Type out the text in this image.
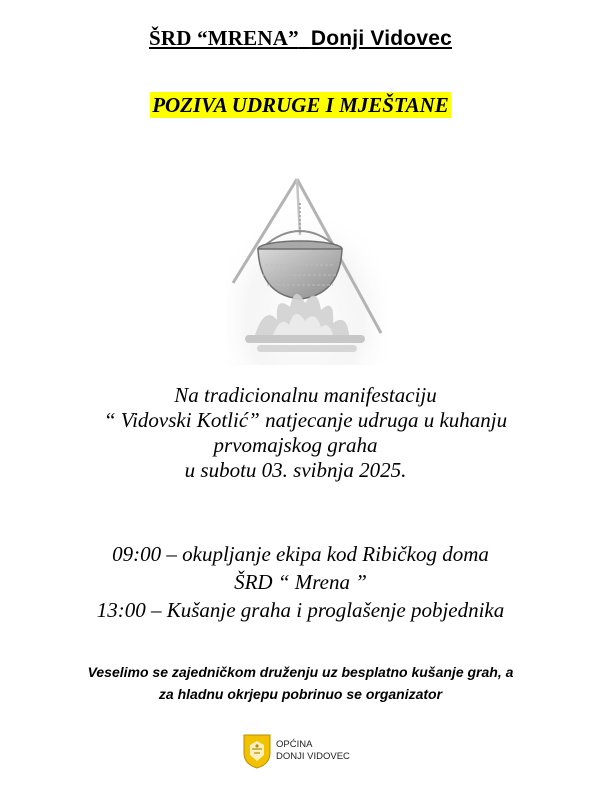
ŠRD “MRENA” Donji Vidovec
POZIVA UDRUGE I MJEŠTANE
Na tradicionalnu manifestaciju
“ Vidovski Kotlić” natjecanje udruga u kuhanju
prvomajskog graha
u subotu 03. svibnja 2025.
09:00 – okupljanje ekipa kod Ribičkog doma
ŠRD “ Mrena ”
13:00 – Kušanje graha i proglašenje pobjednika
Veselimo se zajedničkom druženju uz besplatno kušanje grah, a
za hladnu okrjepu pobrinuo se organizator
OPĆINA
DONJI VIDOVEC
